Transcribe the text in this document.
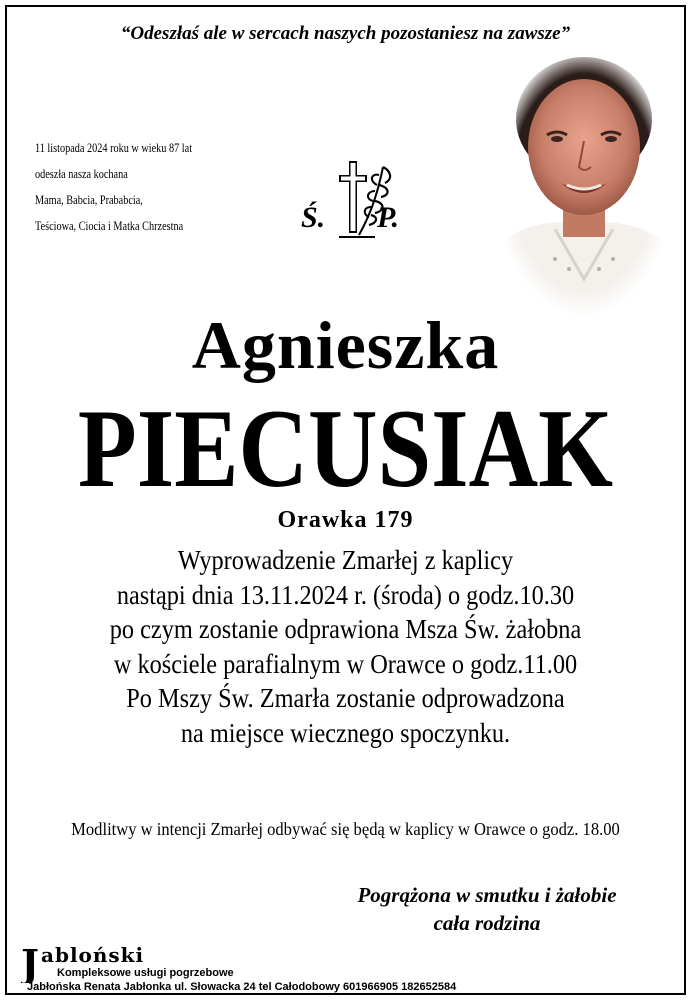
“Odeszłaś ale w sercach naszych pozostaniesz na zawsze”
11 listopada 2024 roku w wieku 87 lat
odeszła nasza kochana
Mama, Babcia, Prababcia,
Teściowa, Ciocia i Matka Chrzestna	Ś. P.
Agnieszka
PIECUSIAK
Orawka 179
Wyprowadzenie Zmarłej z kaplicy
nastąpi dnia 13.11.2024 r. (środa) o godz.10.30
po czym zostanie odprawiona Msza Św. żałobna
w kościele parafialnym w Orawce o godz.11.00
Po Mszy Św. Zmarła zostanie odprowadzona
na miejsce wiecznego spoczynku.
Modlitwy w intencji Zmarłej odbywać się będą w kaplicy w Orawce o godz. 18.00
Pogrążona w smutku i żałobie
cała rodzina
J abloński
Kompleksowe usługi pogrzebowe
Jabłońska Renata Jabłonka ul. Słowacka 24 tel Całodobowy 601966905 182652584
